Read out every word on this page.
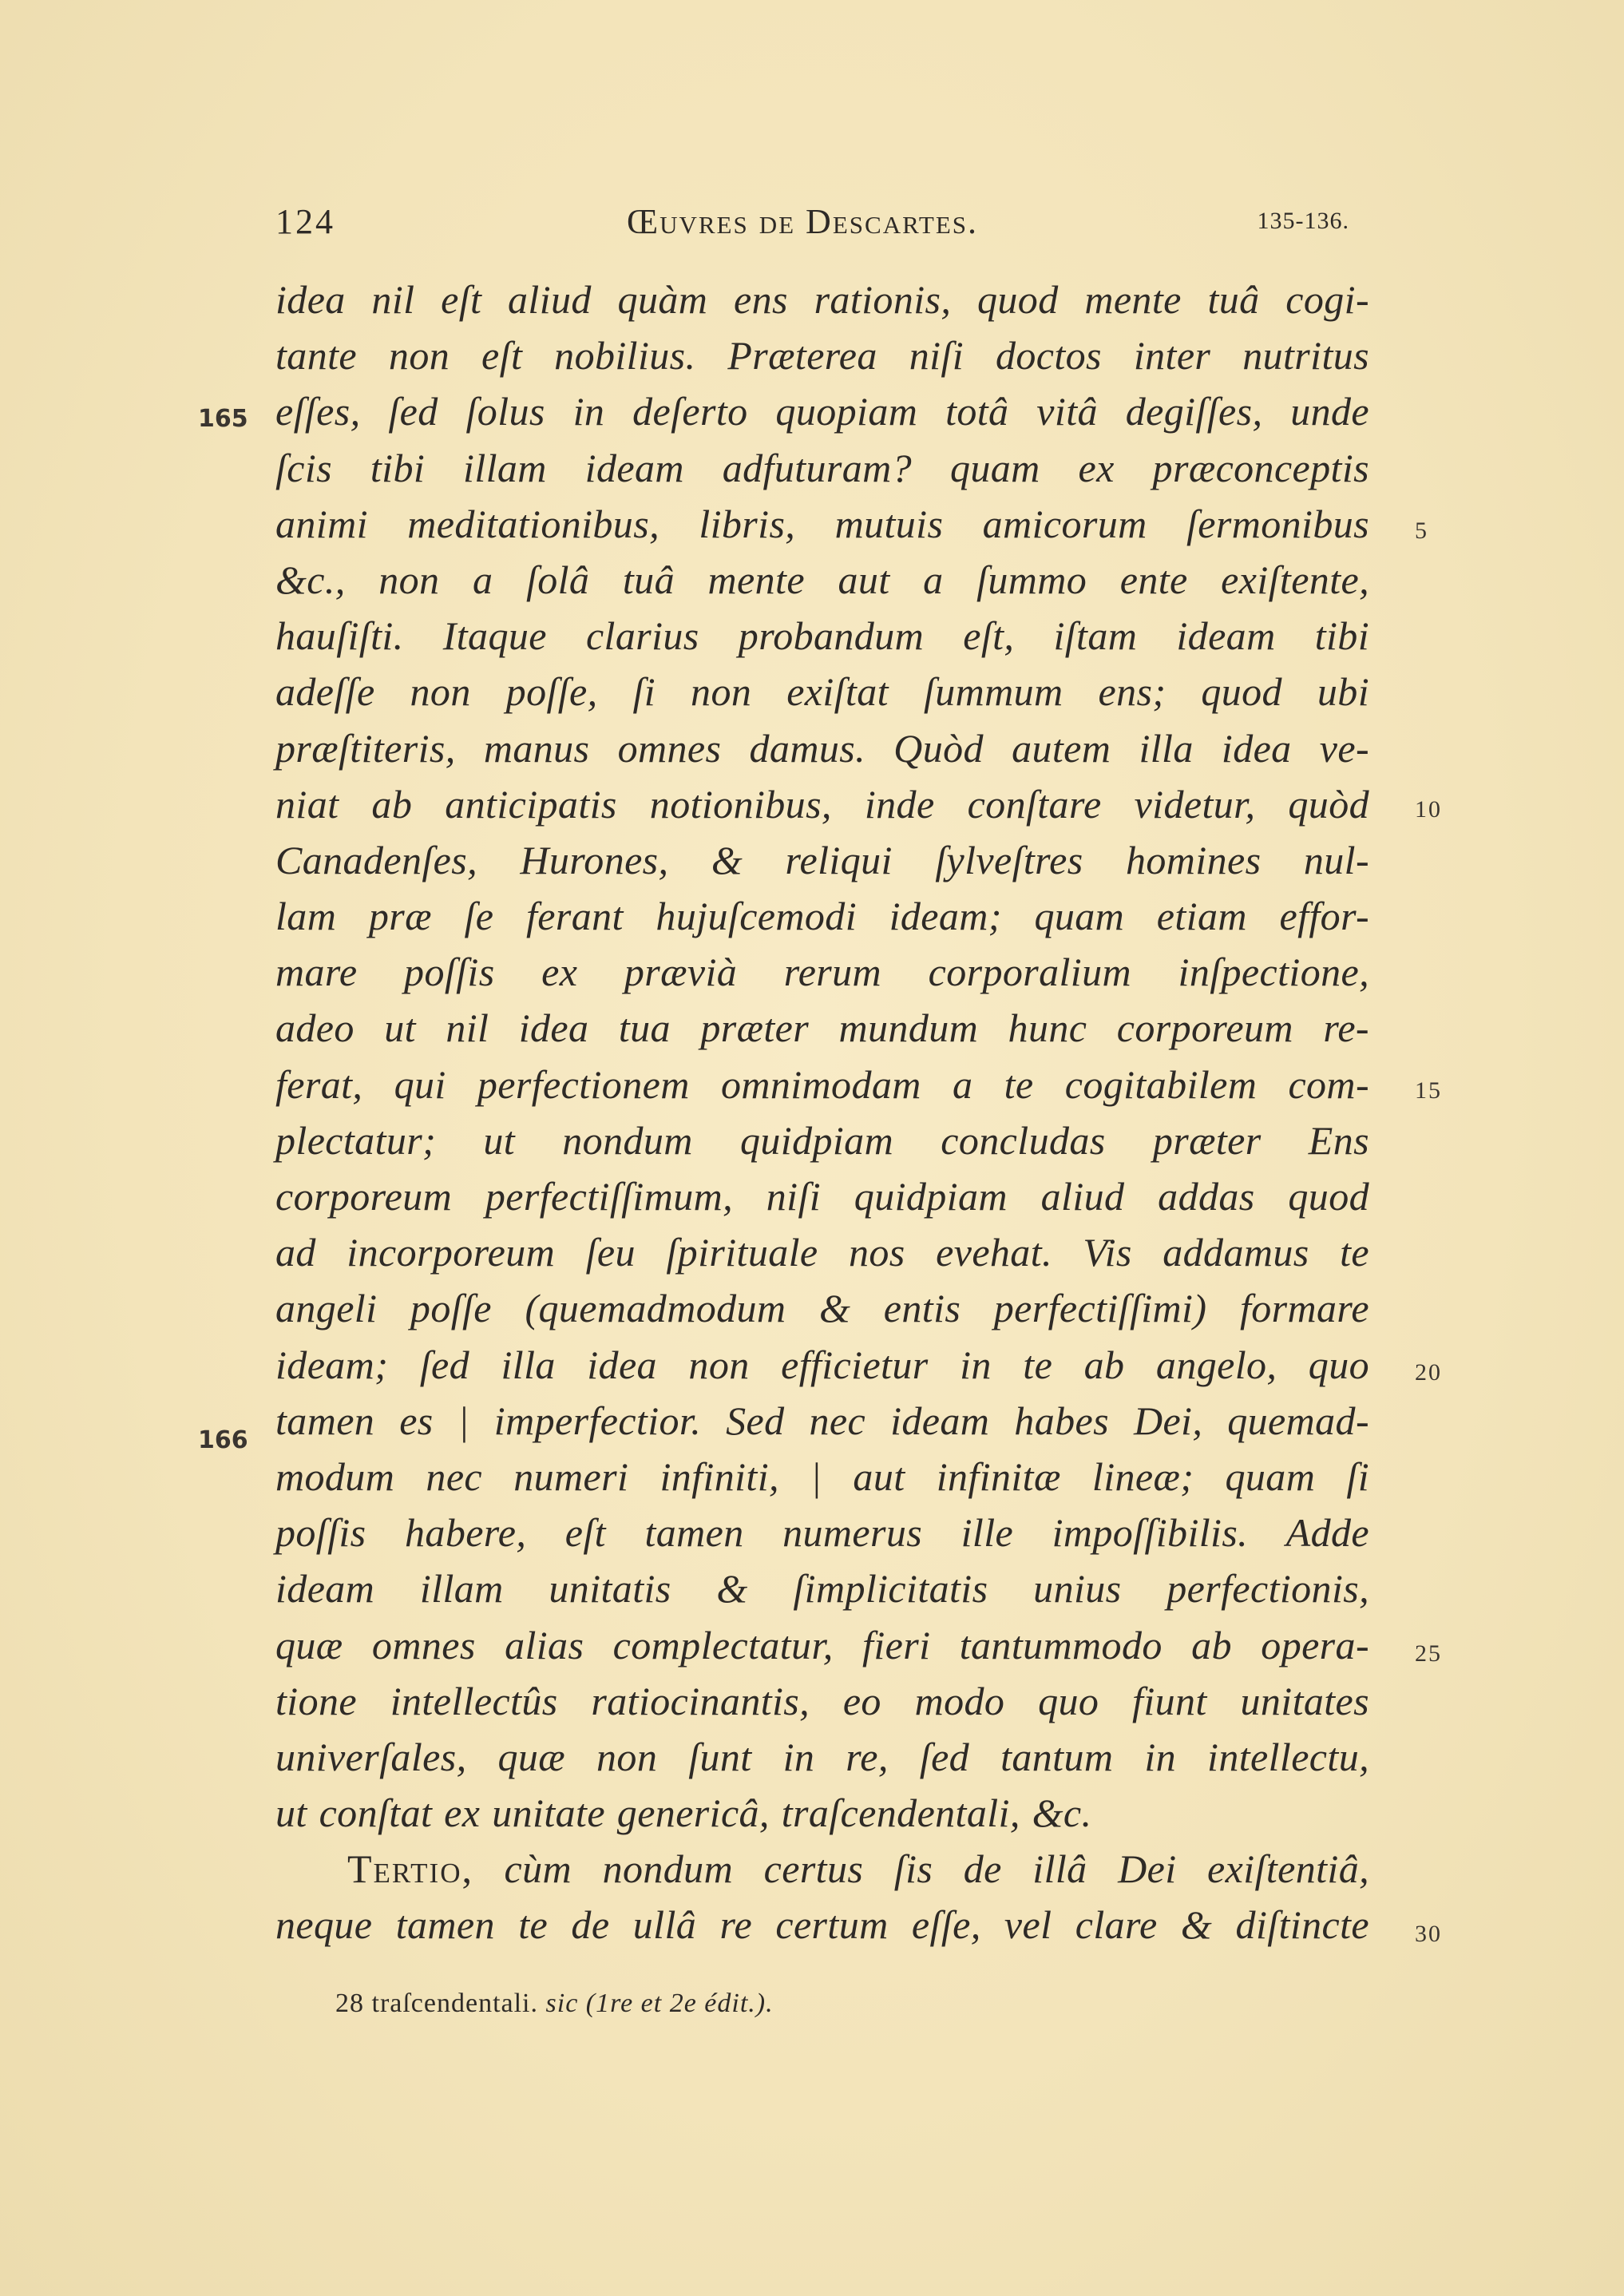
124	Œuvres de Descartes.	135-136.
idea nil eſt aliud quàm ens rationis, quod mente tuâ cogi-
tante non eſt nobilius. Præterea niſi doctos inter nutritus
eſſes, ſed ſolus in deſerto quopiam totâ vitâ degiſſes, unde
ſcis tibi illam ideam adfuturam? quam ex præconceptis
animi meditationibus, libris, mutuis amicorum ſermonibus
&c., non a ſolâ tuâ mente aut a ſummo ente exiſtente,
hauſiſti. Itaque clarius probandum eſt, iſtam ideam tibi
adeſſe non poſſe, ſi non exiſtat ſummum ens; quod ubi
præſtiteris, manus omnes damus. Quòd autem illa idea ve-
niat ab anticipatis notionibus, inde conſtare videtur, quòd
Canadenſes, Hurones, & reliqui ſylveſtres homines nul-
lam præ ſe ferant hujuſcemodi ideam; quam etiam effor-
mare poſſis ex prævià rerum corporalium inſpectione,
adeo ut nil idea tua præter mundum hunc corporeum re-
ferat, qui perfectionem omnimodam a te cogitabilem com-
plectatur; ut nondum quidpiam concludas præter Ens
corporeum perfectiſſimum, niſi quidpiam aliud addas quod
ad incorporeum ſeu ſpirituale nos evehat. Vis addamus te
angeli poſſe (quemadmodum & entis perfectiſſimi) formare
ideam; ſed illa idea non efficietur in te ab angelo, quo
tamen es | imperfectior. Sed nec ideam habes Dei, quemad-
modum nec numeri infiniti, | aut infinitæ lineæ; quam ſi
poſſis habere, eſt tamen numerus ille impoſſibilis. Adde
ideam illam unitatis & ſimplicitatis unius perfectionis,
quæ omnes alias complectatur, fieri tantummodo ab opera-
tione intellectûs ratiocinantis, eo modo quo fiunt unitates
univerſales, quæ non ſunt in re, ſed tantum in intellectu,
ut conſtat ex unitate genericâ, traſcendentali, &c.
Tertio, cùm nondum certus ſis de illâ Dei exiſtentiâ,
neque tamen te de ullâ re certum eſſe, vel clare & diſtincte
165
166
5
10
15
20
25
30
28 traſcendentali. sic (1re et 2e édit.).
